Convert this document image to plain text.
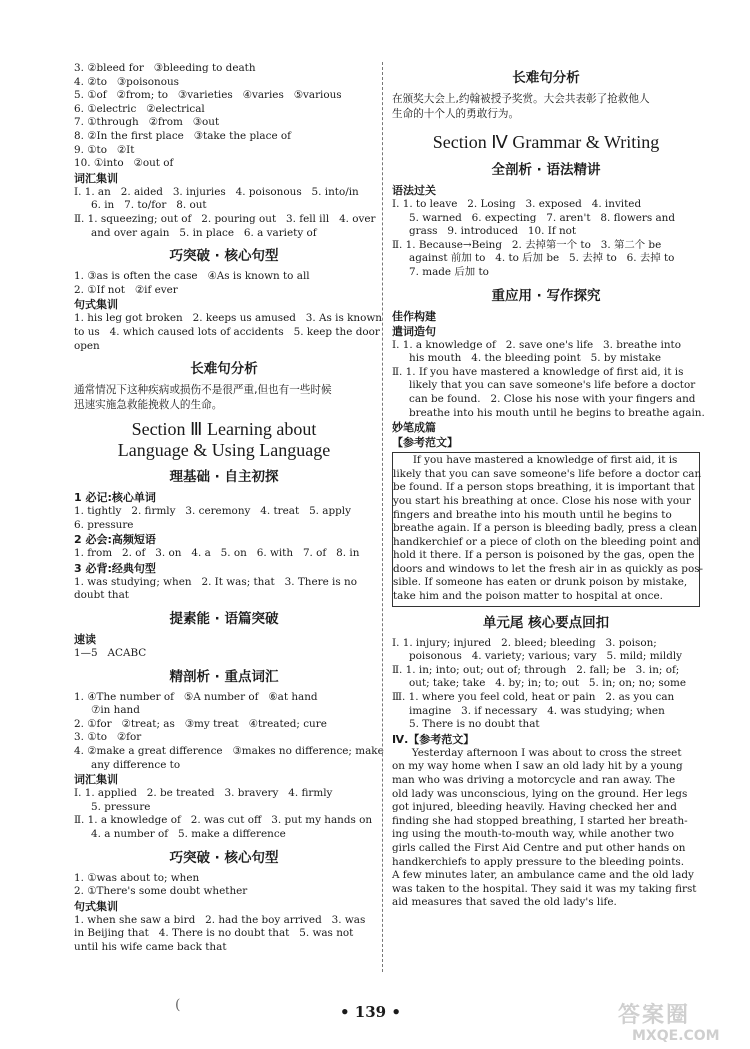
3. ②bleed for   ③bleeding to death
4. ②to   ③poisonous
5. ①of   ②from; to   ③varieties   ④varies   ⑤various
6. ①electric   ②electrical
7. ①through   ②from   ③out
8. ②In the first place   ③take the place of
9. ①to   ②It
10. ①into   ②out of
词汇集训
Ⅰ. 1. an   2. aided   3. injuries   4. poisonous   5. into/in
6. in   7. to/for   8. out
Ⅱ. 1. squeezing; out of   2. pouring out   3. fell ill   4. over
and over again   5. in place   6. a variety of
巧突破 · 核心句型
1. ③as is often the case   ④As is known to all
2. ①If not   ②if ever
句式集训
1. his leg got broken   2. keeps us amused   3. As is known
to us   4. which caused lots of accidents   5. keep the door
open
长难句分析
通常情况下这种疾病或损伤不是很严重,但也有一些时候
迅速实施急救能挽救人的生命。
Section Ⅲ Learning about
Language & Using Language
理基础 · 自主初探
1 必记:核心单词
1. tightly   2. firmly   3. ceremony   4. treat   5. apply
6. pressure
2 必会:高频短语
1. from   2. of   3. on   4. a   5. on   6. with   7. of   8. in
3 必背:经典句型
1. was studying; when   2. It was; that   3. There is no
doubt that
提素能 · 语篇突破
速读
1—5   ACABC
精剖析 · 重点词汇
1. ④The number of   ⑤A number of   ⑥at hand
⑦in hand
2. ①for   ②treat; as   ③my treat   ④treated; cure
3. ①to   ②for
4. ②make a great difference   ③makes no difference; make
any difference to
词汇集训
Ⅰ. 1. applied   2. be treated   3. bravery   4. firmly
5. pressure
Ⅱ. 1. a knowledge of   2. was cut off   3. put my hands on
4. a number of   5. make a difference
巧突破 · 核心句型
1. ①was about to; when
2. ①There's some doubt whether
句式集训
1. when she saw a bird   2. had the boy arrived   3. was
in Beijing that   4. There is no doubt that   5. was not
until his wife came back that
长难句分析
在颁奖大会上,约翰被授予奖赏。大会共表彰了抢救他人
生命的十个人的勇敢行为。
Section Ⅳ Grammar & Writing
全剖析 · 语法精讲
语法过关
Ⅰ. 1. to leave   2. Losing   3. exposed   4. invited
5. warned   6. expecting   7. aren't   8. flowers and
grass   9. introduced   10. If not
Ⅱ. 1. Because→Being   2. 去掉第一个 to   3. 第二个 be
against 前加 to   4. to 后加 be   5. 去掉 to   6. 去掉 to
7. made 后加 to
重应用 · 写作探究
佳作构建
遣词造句
Ⅰ. 1. a knowledge of   2. save one's life   3. breathe into
his mouth   4. the bleeding point   5. by mistake
Ⅱ. 1. If you have mastered a knowledge of first aid, it is
likely that you can save someone's life before a doctor
can be found.   2. Close his nose with your fingers and
breathe into his mouth until he begins to breathe again.
妙笔成篇
【参考范文】
If you have mastered a knowledge of first aid, it is
likely that you can save someone's life before a doctor can
be found. If a person stops breathing, it is important that
you start his breathing at once. Close his nose with your
fingers and breathe into his mouth until he begins to
breathe again. If a person is bleeding badly, press a clean
handkerchief or a piece of cloth on the bleeding point and
hold it there. If a person is poisoned by the gas, open the
doors and windows to let the fresh air in as quickly as pos-
sible. If someone has eaten or drunk poison by mistake,
take him and the poison matter to hospital at once.
单元尾 核心要点回扣
Ⅰ. 1. injury; injured   2. bleed; bleeding   3. poison;
poisonous   4. variety; various; vary   5. mild; mildly
Ⅱ. 1. in; into; out; out of; through   2. fall; be   3. in; of;
out; take; take   4. by; in; to; out   5. in; on; no; some
Ⅲ. 1. where you feel cold, heat or pain   2. as you can
imagine   3. if necessary   4. was studying; when
5. There is no doubt that
Ⅳ.【参考范文】
Yesterday afternoon I was about to cross the street
on my way home when I saw an old lady hit by a young
man who was driving a motorcycle and ran away. The
old lady was unconscious, lying on the ground. Her legs
got injured, bleeding heavily. Having checked her and
finding she had stopped breathing, I started her breath-
ing using the mouth-to-mouth way, while another two
girls called the First Aid Centre and put other hands on
handkerchiefs to apply pressure to the bleeding points.
A few minutes later, an ambulance came and the old lady
was taken to the hospital. They said it was my taking first
aid measures that saved the old lady's life.
(	• 139 •	答案圈
MXQE.COM
